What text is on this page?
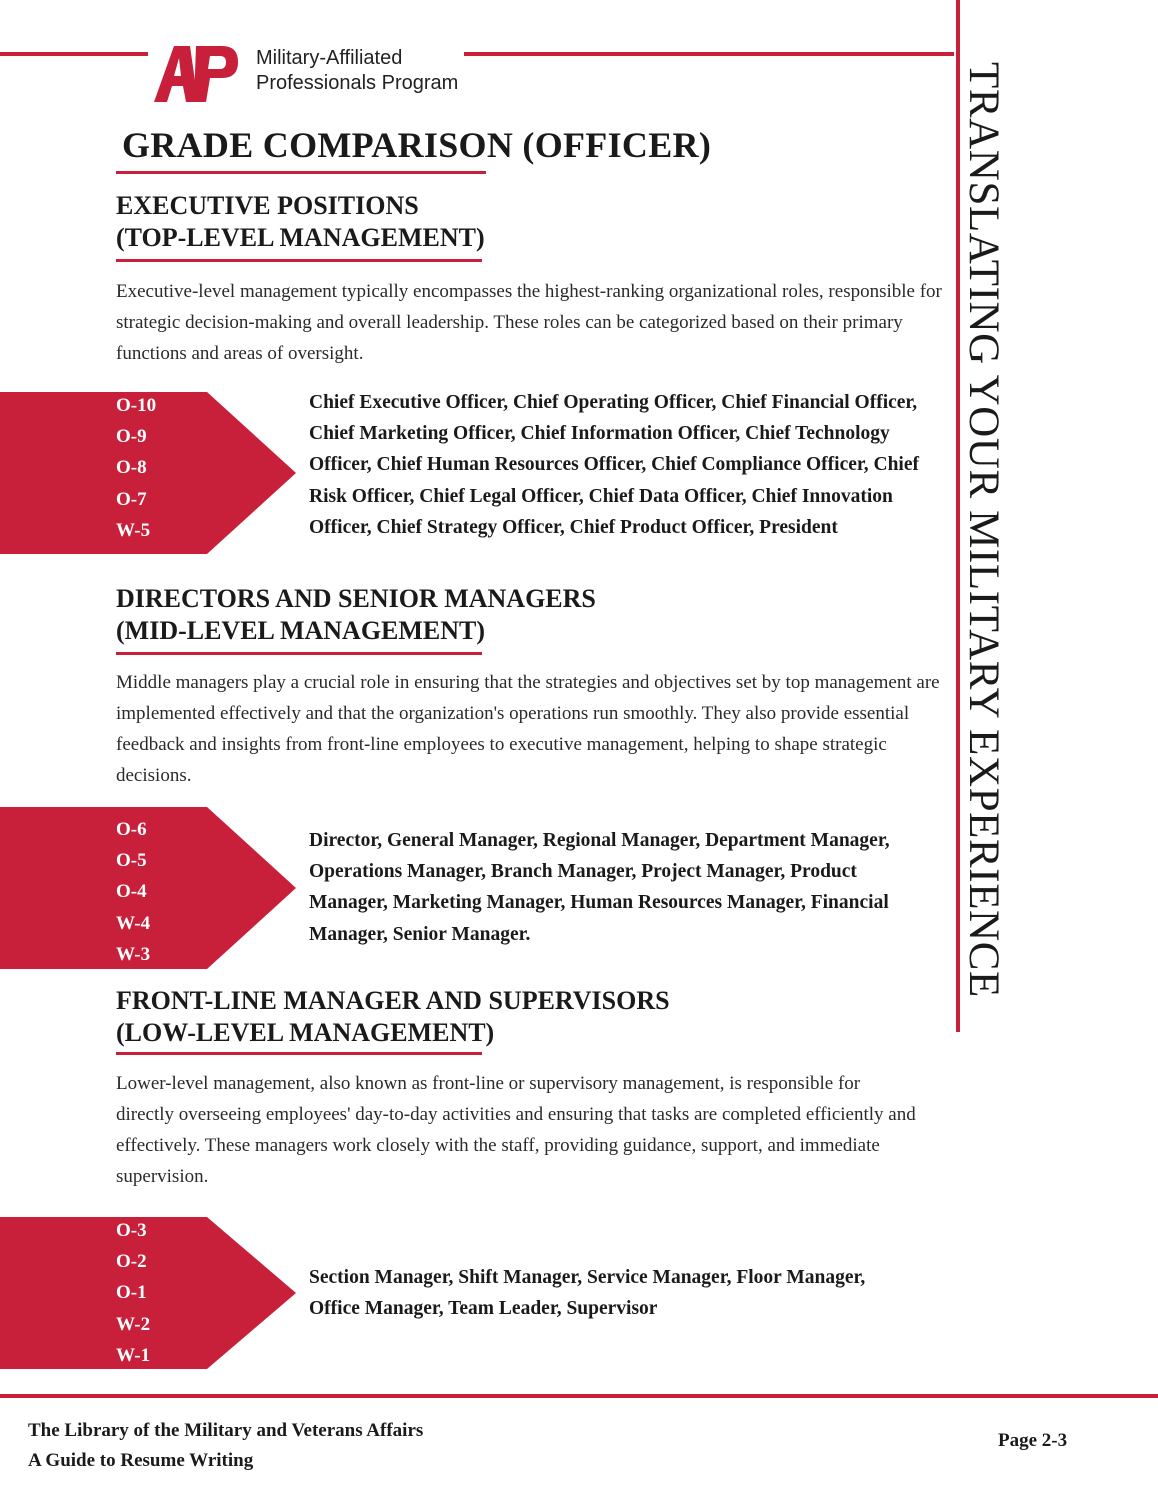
Military-Affiliated
Professionals Program
GRADE COMPARISON (OFFICER)
EXECUTIVE POSITIONS
(TOP-LEVEL MANAGEMENT)
Executive-level management typically encompasses the highest-ranking organizational roles, responsible for strategic decision-making and overall leadership. These roles can be categorized based on their primary functions and areas of oversight.
O-10
O-9
O-8
O-7
W-5
Chief Executive Officer, Chief Operating Officer, Chief Financial Officer, Chief Marketing Officer, Chief Information Officer, Chief Technology Officer, Chief Human Resources Officer, Chief Compliance Officer, Chief Risk Officer, Chief Legal Officer, Chief Data Officer, Chief Innovation Officer, Chief Strategy Officer, Chief Product Officer, President
DIRECTORS AND SENIOR MANAGERS
(MID-LEVEL MANAGEMENT)
Middle managers play a crucial role in ensuring that the strategies and objectives set by top management are implemented effectively and that the organization's operations run smoothly. They also provide essential feedback and insights from front-line employees to executive management, helping to shape strategic decisions.
O-6
O-5
O-4
W-4
W-3
Director, General Manager, Regional Manager, Department Manager, Operations Manager, Branch Manager, Project Manager, Product Manager, Marketing Manager, Human Resources Manager, Financial Manager, Senior Manager.
FRONT-LINE MANAGER AND SUPERVISORS
(LOW-LEVEL MANAGEMENT)
Lower-level management, also known as front-line or supervisory management, is responsible for directly overseeing employees' day-to-day activities and ensuring that tasks are completed efficiently and effectively. These managers work closely with the staff, providing guidance, support, and immediate supervision.
O-3
O-2
O-1
W-2
W-1
Section Manager, Shift Manager, Service Manager, Floor Manager, Office Manager, Team Leader, Supervisor
TRANSLATING YOUR MILITARY EXPERIENCE
The Library of the Military and Veterans Affairs
A Guide to Resume Writing
Page 2-3
